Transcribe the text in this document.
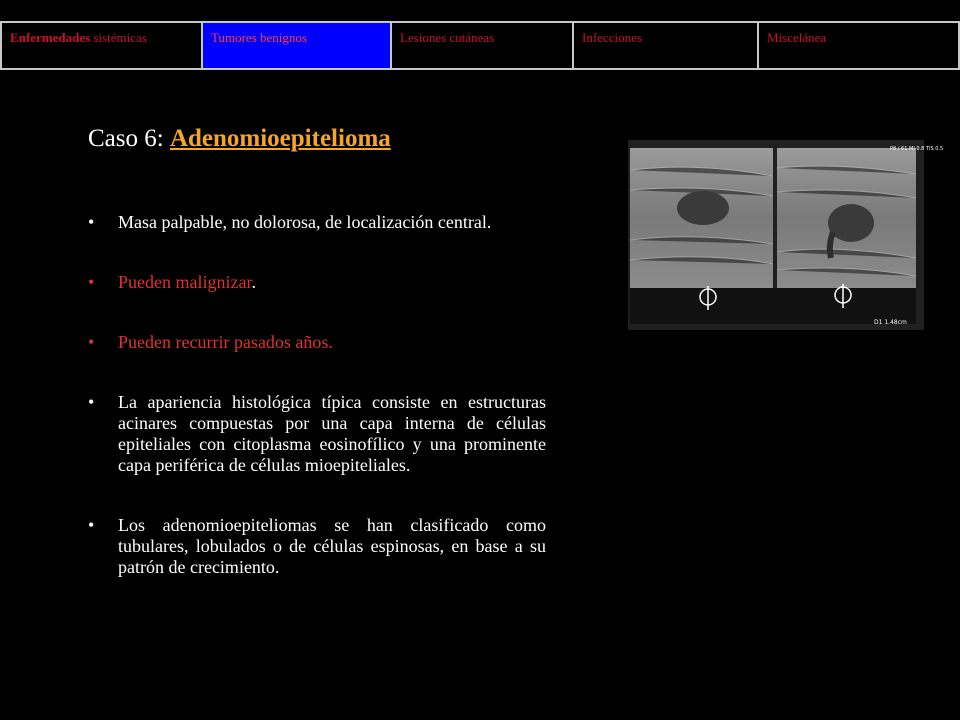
Enfermedades sistémicas	Tumores benignos	Lesiones cutáneas	Infecciones	Miscelánea
Caso 6: Adenomioepitelioma
• Masa palpable, no dolorosa, de localización central.
• Pueden malignizar.
• Pueden recurrir pasados años.
• La apariencia histológica típica consiste en estructuras acinares compuestas por una capa interna de células epiteliales con citoplasma eosinofílico y una prominente capa periférica de células mioepiteliales.
• Los adenomioepiteliomas se han clasificado como tubulares, lobulados o de células espinosas, en base a su patrón de crecimiento.
D1 1.48cm
P8 / 61 MI 0.8 TIS 0.5
